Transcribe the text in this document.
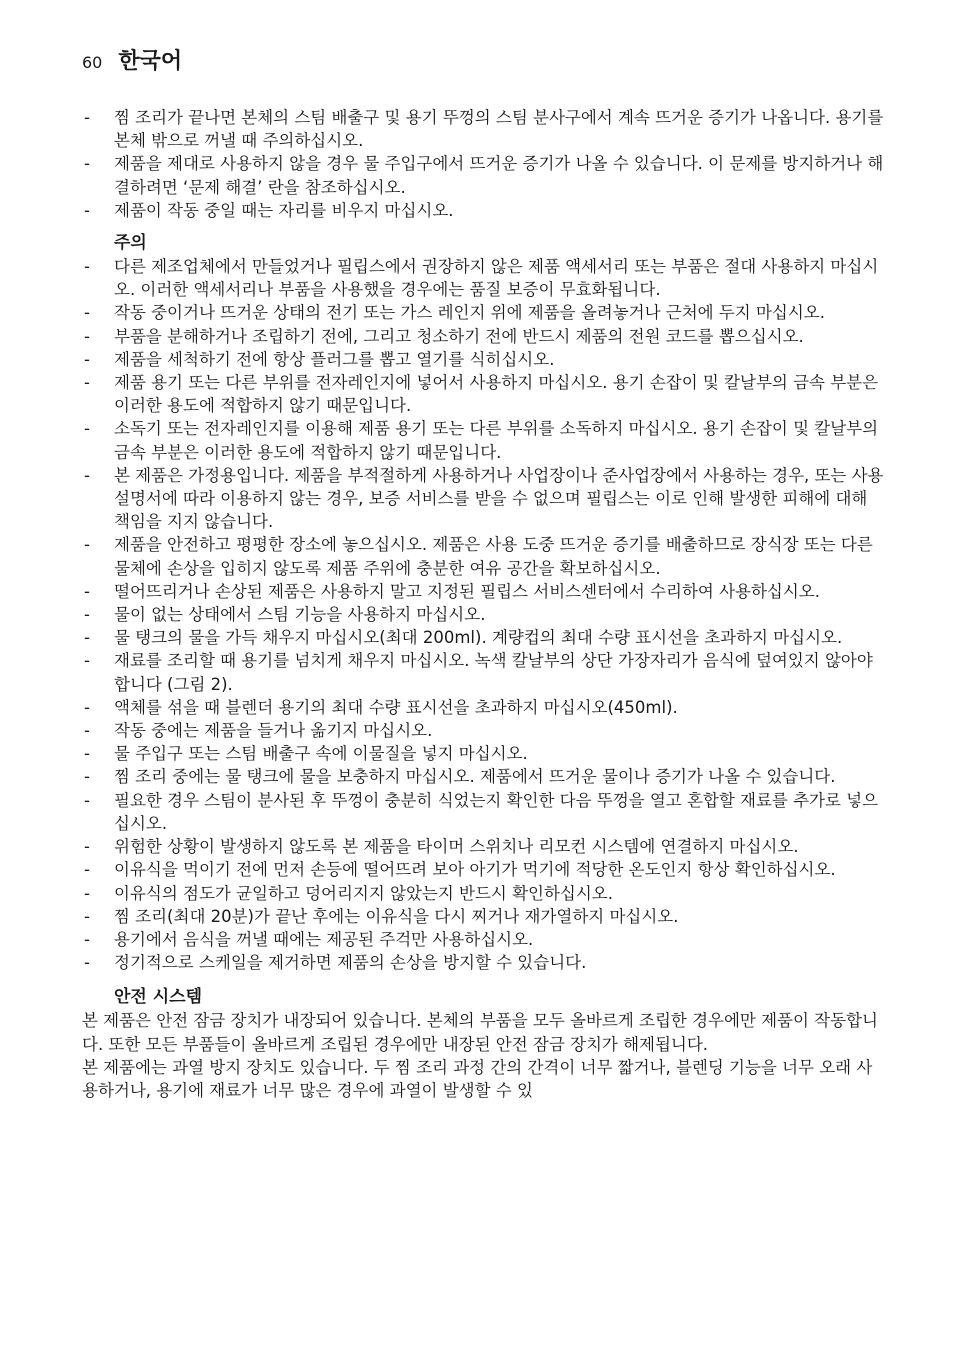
60 한국어
- 찜 조리가 끝나면 본체의 스팀 배출구 및 용기 뚜껑의 스팀 분사구에서 계속 뜨거운 증기가 나옵니다. 용기를 본체 밖으로 꺼낼 때 주의하십시오.
- 제품을 제대로 사용하지 않을 경우 물 주입구에서 뜨거운 증기가 나올 수 있습니다. 이 문제를 방지하거나 해결하려면 ‘문제 해결’ 란을 참조하십시오.
- 제품이 작동 중일 때는 자리를 비우지 마십시오.
주의
- 다른 제조업체에서 만들었거나 필립스에서 권장하지 않은 제품 액세서리 또는 부품은 절대 사용하지 마십시오. 이러한 액세서리나 부품을 사용했을 경우에는 품질 보증이 무효화됩니다.
- 작동 중이거나 뜨거운 상태의 전기 또는 가스 레인지 위에 제품을 올려놓거나 근처에 두지 마십시오.
- 부품을 분해하거나 조립하기 전에, 그리고 청소하기 전에 반드시 제품의 전원 코드를 뽑으십시오.
- 제품을 세척하기 전에 항상 플러그를 뽑고 열기를 식히십시오.
- 제품 용기 또는 다른 부위를 전자레인지에 넣어서 사용하지 마십시오. 용기 손잡이 및 칼날부의 금속 부분은 이러한 용도에 적합하지 않기 때문입니다.
- 소독기 또는 전자레인지를 이용해 제품 용기 또는 다른 부위를 소독하지 마십시오. 용기 손잡이 및 칼날부의 금속 부분은 이러한 용도에 적합하지 않기 때문입니다.
- 본 제품은 가정용입니다. 제품을 부적절하게 사용하거나 사업장이나 준사업장에서 사용하는 경우, 또는 사용 설명서에 따라 이용하지 않는 경우, 보증 서비스를 받을 수 없으며 필립스는 이로 인해 발생한 피해에 대해 책임을 지지 않습니다.
- 제품을 안전하고 평평한 장소에 놓으십시오. 제품은 사용 도중 뜨거운 증기를 배출하므로 장식장 또는 다른 물체에 손상을 입히지 않도록 제품 주위에 충분한 여유 공간을 확보하십시오.
- 떨어뜨리거나 손상된 제품은 사용하지 말고 지정된 필립스 서비스센터에서 수리하여 사용하십시오.
- 물이 없는 상태에서 스팀 기능을 사용하지 마십시오.
- 물 탱크의 물을 가득 채우지 마십시오(최대 200ml). 계량컵의 최대 수량 표시선을 초과하지 마십시오.
- 재료를 조리할 때 용기를 넘치게 채우지 마십시오. 녹색 칼날부의 상단 가장자리가 음식에 덮여있지 않아야 합니다 (그림 2).
- 액체를 섞을 때 블렌더 용기의 최대 수량 표시선을 초과하지 마십시오(450ml).
- 작동 중에는 제품을 들거나 옮기지 마십시오.
- 물 주입구 또는 스팀 배출구 속에 이물질을 넣지 마십시오.
- 찜 조리 중에는 물 탱크에 물을 보충하지 마십시오. 제품에서 뜨거운 물이나 증기가 나올 수 있습니다.
- 필요한 경우 스팀이 분사된 후 뚜껑이 충분히 식었는지 확인한 다음 뚜껑을 열고 혼합할 재료를 추가로 넣으십시오.
- 위험한 상황이 발생하지 않도록 본 제품을 타이머 스위치나 리모컨 시스템에 연결하지 마십시오.
- 이유식을 먹이기 전에 먼저 손등에 떨어뜨려 보아 아기가 먹기에 적당한 온도인지 항상 확인하십시오.
- 이유식의 점도가 균일하고 덩어리지지 않았는지 반드시 확인하십시오.
- 찜 조리(최대 20분)가 끝난 후에는 이유식을 다시 찌거나 재가열하지 마십시오.
- 용기에서 음식을 꺼낼 때에는 제공된 주걱만 사용하십시오.
- 정기적으로 스케일을 제거하면 제품의 손상을 방지할 수 있습니다.
안전 시스템

본 제품은 안전 잠금 장치가 내장되어 있습니다. 본체의 부품을 모두 올바르게 조립한 경우에만 제품이 작동합니다. 또한 모든 부품들이 올바르게 조립된 경우에만 내장된 안전 잠금 장치가 해제됩니다.

본 제품에는 과열 방지 장치도 있습니다. 두 찜 조리 과정 간의 간격이 너무 짧거나, 블렌딩 기능을 너무 오래 사용하거나, 용기에 재료가 너무 많은 경우에 과열이 발생할 수 있
